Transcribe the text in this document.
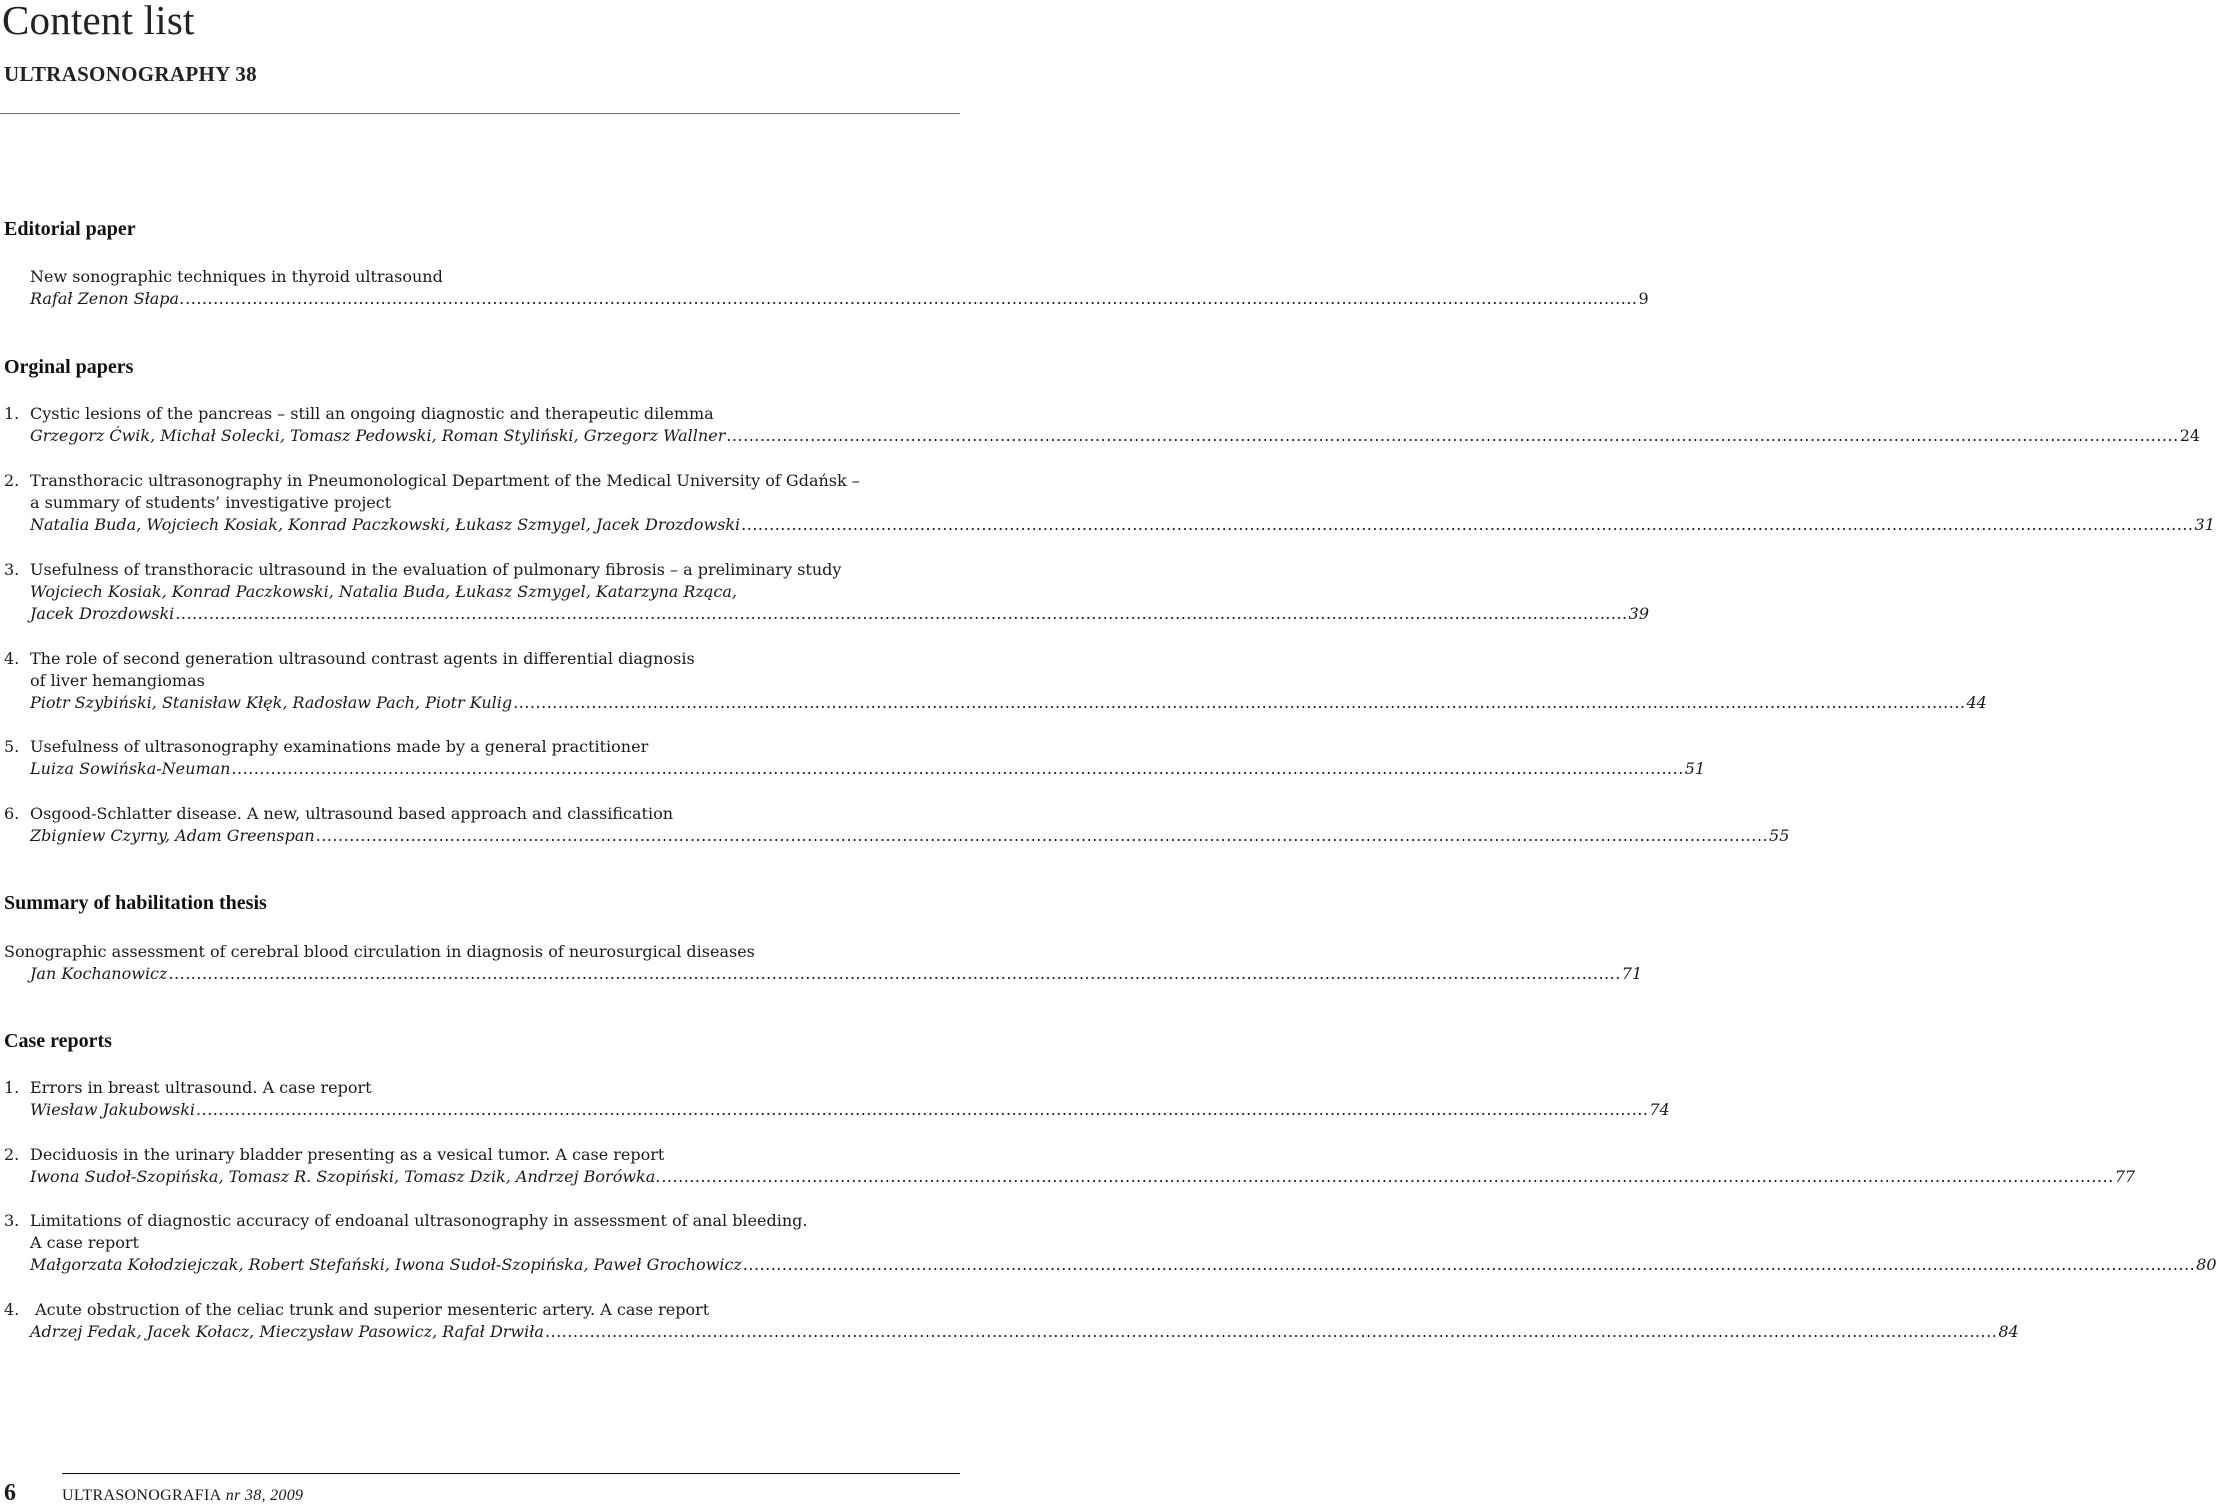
Content list
ULTRASONOGRAPHY 38
Editorial paper
New sonographic techniques in thyroid ultrasound
Rafał Zenon Słapa. .................................................................................................................................................................................................................................................................... 9
Orginal papers
1. Cystic lesions of the pancreas – still an ongoing diagnostic and therapeutic dilemma
Grzegorz Ćwik, Michał Solecki, Tomasz Pedowski, Roman Styliński, Grzegorz Wallner .................................................................................................................................................................................................................................................................... 24
2. Transthoracic ultrasonography in Pneumonological Department of the Medical University of Gdańsk –
a summary of students’ investigative project
Natalia Buda, Wojciech Kosiak, Konrad Paczkowski, Łukasz Szmygel, Jacek Drozdowski .................................................................................................................................................................................................................................................................... 31
3. Usefulness of transthoracic ultrasound in the evaluation of pulmonary fibrosis – a preliminary study
Wojciech Kosiak, Konrad Paczkowski, Natalia Buda, Łukasz Szmygel, Katarzyna Rząca,
Jacek Drozdowski .................................................................................................................................................................................................................................................................... 39
4. The role of second generation ultrasound contrast agents in differential diagnosis
of liver hemangiomas
Piotr Szybiński, Stanisław Kłęk, Radosław Pach, Piotr Kulig .................................................................................................................................................................................................................................................................... 44
5. Usefulness of ultrasonography examinations made by a general practitioner
Luiza Sowińska-Neuman .................................................................................................................................................................................................................................................................... 51
6. Osgood-Schlatter disease. A new, ultrasound based approach and classification
Zbigniew Czyrny, Adam Greenspan .................................................................................................................................................................................................................................................................... 55
Summary of habilitation thesis
Sonographic assessment of cerebral blood circulation in diagnosis of neurosurgical diseases
Jan Kochanowicz .................................................................................................................................................................................................................................................................... 71
Case reports
1. Errors in breast ultrasound. A case report
Wiesław Jakubowski .................................................................................................................................................................................................................................................................... 74
2. Deciduosis in the urinary bladder presenting as a vesical tumor. A case report
Iwona Sudoł-Szopińska, Tomasz R. Szopiński, Tomasz Dzik, Andrzej Borówka. .................................................................................................................................................................................................................................................................... 77
3. Limitations of diagnostic accuracy of endoanal ultrasonography in assessment of anal bleeding.
A case report
Małgorzata Kołodziejczak, Robert Stefański, Iwona Sudoł-Szopińska, Paweł Grochowicz .................................................................................................................................................................................................................................................................... 80
4. Acute obstruction of the celiac trunk and superior mesenteric artery. A case report
Adrzej Fedak, Jacek Kołacz, Mieczysław Pasowicz, Rafał Drwiła .................................................................................................................................................................................................................................................................... 84
6	ULTRASONOGRAFIA nr 38, 2009
